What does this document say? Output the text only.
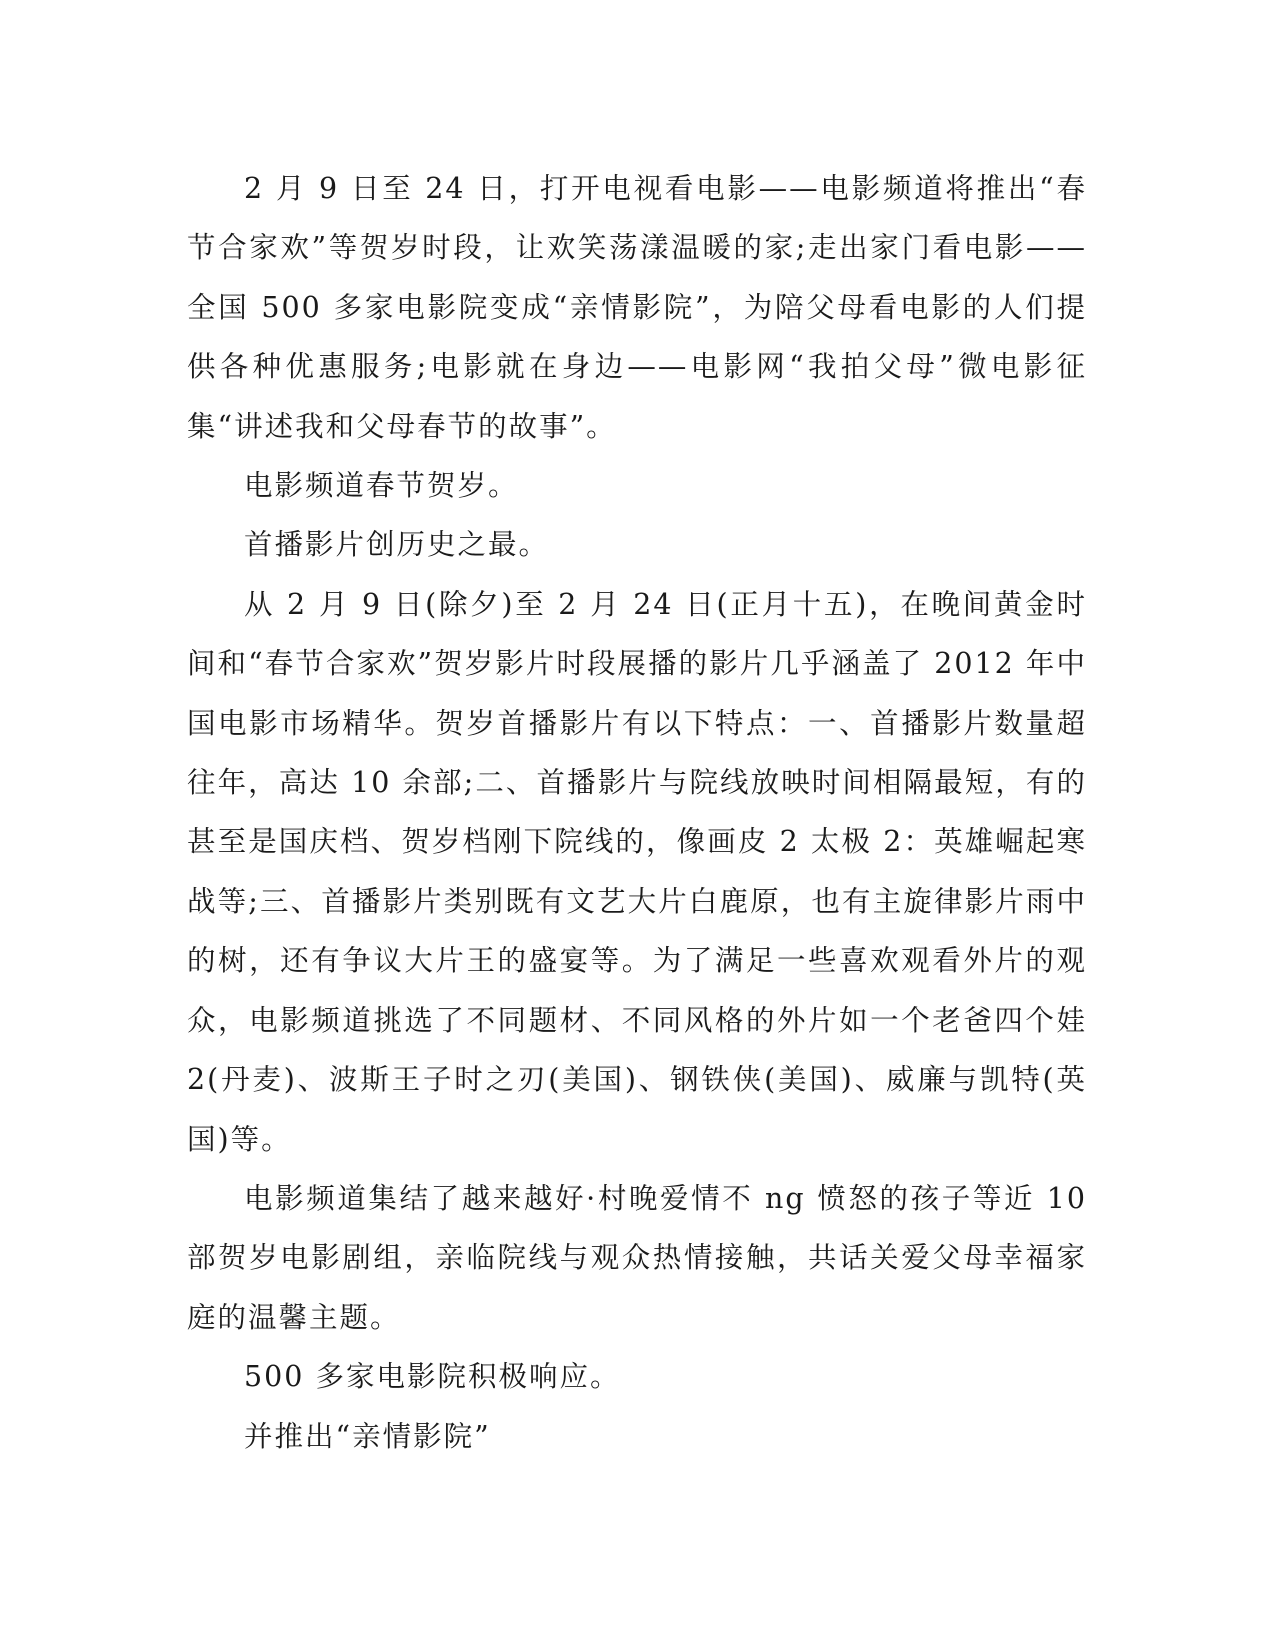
2 月 9 日至 24 日，打开电视看电影——电影频道将推出“春节合家欢”等贺岁时段，让欢笑荡漾温暖的家;走出家门看电影——全国 500 多家电影院变成“亲情影院”，为陪父母看电影的人们提供各种优惠服务;电影就在身边——电影网“我拍父母”微电影征集“讲述我和父母春节的故事”。

电影频道春节贺岁。

首播影片创历史之最。

从 2 月 9 日(除夕)至 2 月 24 日(正月十五)，在晚间黄金时间和“春节合家欢”贺岁影片时段展播的影片几乎涵盖了 2012 年中国电影市场精华。贺岁首播影片有以下特点：一、首播影片数量超往年，高达 10 余部;二、首播影片与院线放映时间相隔最短，有的甚至是国庆档、贺岁档刚下院线的，像画皮 2 太极 2：英雄崛起寒战等;三、首播影片类别既有文艺大片白鹿原，也有主旋律影片雨中的树，还有争议大片王的盛宴等。为了满足一些喜欢观看外片的观众，电影频道挑选了不同题材、不同风格的外片如一个老爸四个娃 2(丹麦)、波斯王子时之刃(美国)、钢铁侠(美国)、威廉与凯特(英国)等。

电影频道集结了越来越好·村晚爱情不 ng 愤怒的孩子等近 10 部贺岁电影剧组，亲临院线与观众热情接触，共话关爱父母幸福家庭的温馨主题。

500 多家电影院积极响应。

并推出“亲情影院”
